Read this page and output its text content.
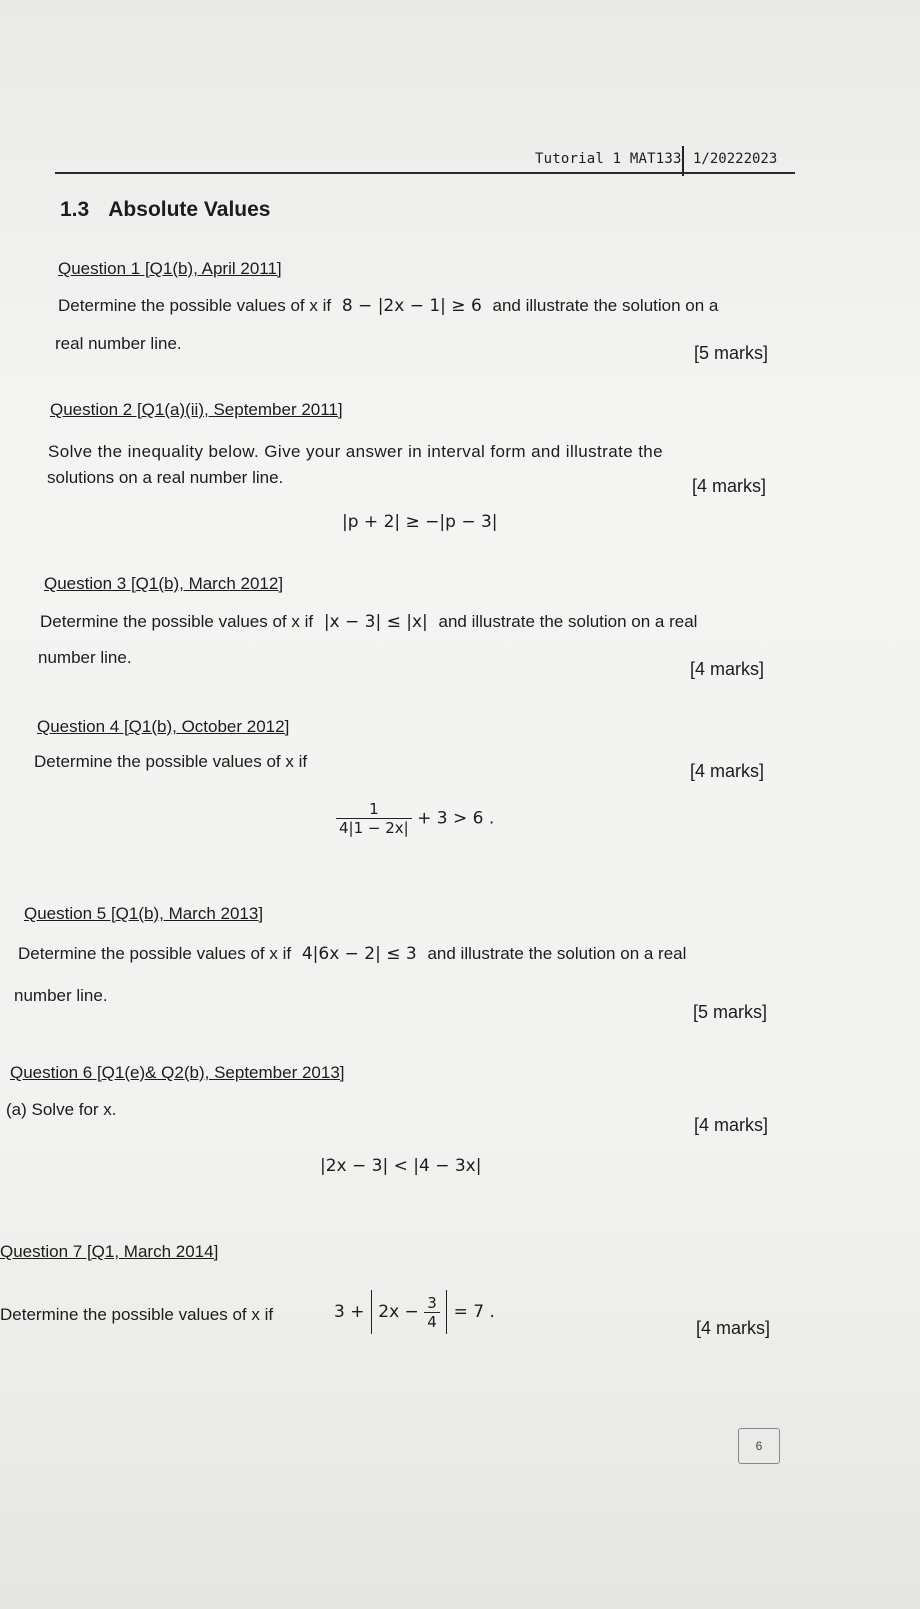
Tutorial 1 MAT133 1/20222023
1.3 Absolute Values
Question 1 [Q1(b), April 2011]
Determine the possible values of x if 8 − |2x − 1| ≥ 6 and illustrate the solution on a
real number line.	[5 marks]
Question 2 [Q1(a)(ii), September 2011]
Solve the inequality below. Give your answer in interval form and illustrate the
solutions on a real number line.	[4 marks]
|p + 2| ≥ −|p − 3|
Question 3 [Q1(b), March 2012]
Determine the possible values of x if |x − 3| ≤ |x| and illustrate the solution on a real
number line.
[4 marks]
Question 4 [Q1(b), October 2012]
Determine the possible values of x if	[4 marks]
$\frac{1}{4|1 - 2x|} + 3 > 6$ .
Question 5 [Q1(b), March 2013]
Determine the possible values of x if 4|6x − 2| ≤ 3 and illustrate the solution on a real
number line.
[5 marks]
Question 6 [Q1(e)& Q2(b), September 2013]
(a) Solve for x.
[4 marks]
|2x − 3| < |4 − 3x|
Question 7 [Q1, March 2014]
Determine the possible values of x if	$3 + 2x - \frac{3}{4} = 7$ .
[4 marks]
6
